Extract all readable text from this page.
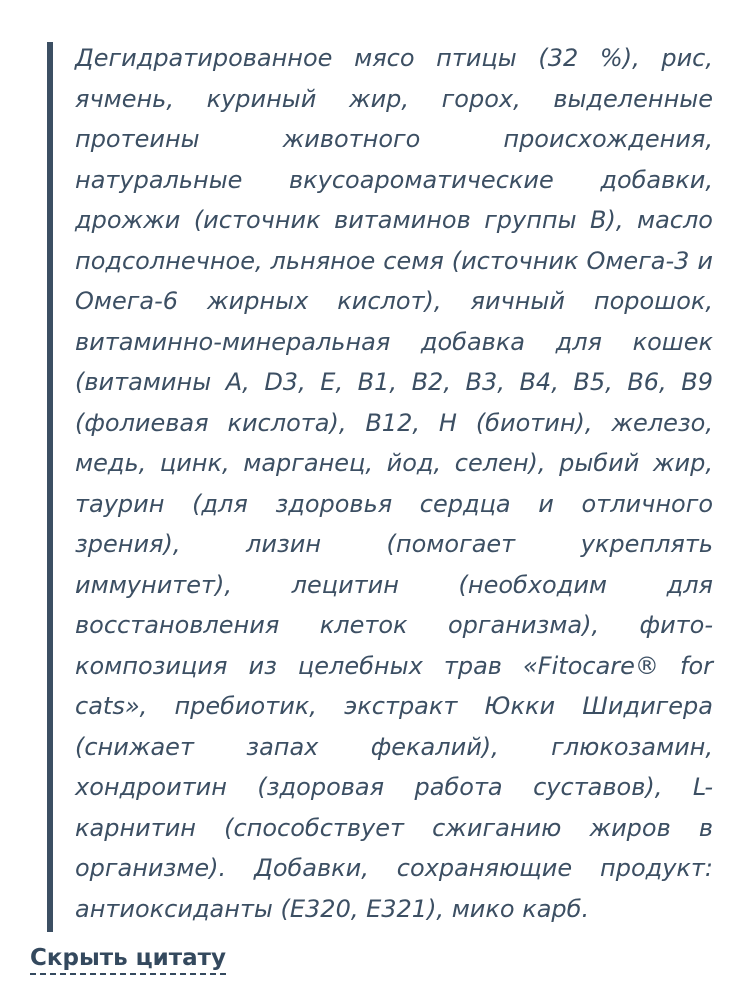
Дегидратированное мясо птицы (32 %), рис,
ячмень, куриный жир, горох, выделенные
протеины животного происхождения,
натуральные вкусоароматические добавки,
дрожжи (источник витаминов группы В), масло
подсолнечное, льняное семя (источник Омега-3 и
Омега-6 жирных кислот), яичный порошок,
витаминно-минеральная добавка для кошек
(витамины А, D3, Е, В1, В2, В3, В4, В5, В6, В9
(фолиевая кислота), В12, Н (биотин), железо,
медь, цинк, марганец, йод, селен), рыбий жир,
таурин (для здоровья сердца и отличного
зрения), лизин (помогает укреплять
иммунитет), лецитин (необходим для
восстановления клеток организма), фито-
композиция из целебных трав «Fitocare® for
cats», пребиотик, экстракт Юкки Шидигера
(снижает запах фекалий), глюкозамин,
хондроитин (здоровая работа суставов), L-
карнитин (способствует сжиганию жиров в
организме). Добавки, сохраняющие продукт:
антиоксиданты (Е320, Е321), мико карб.
Скрыть цитату
